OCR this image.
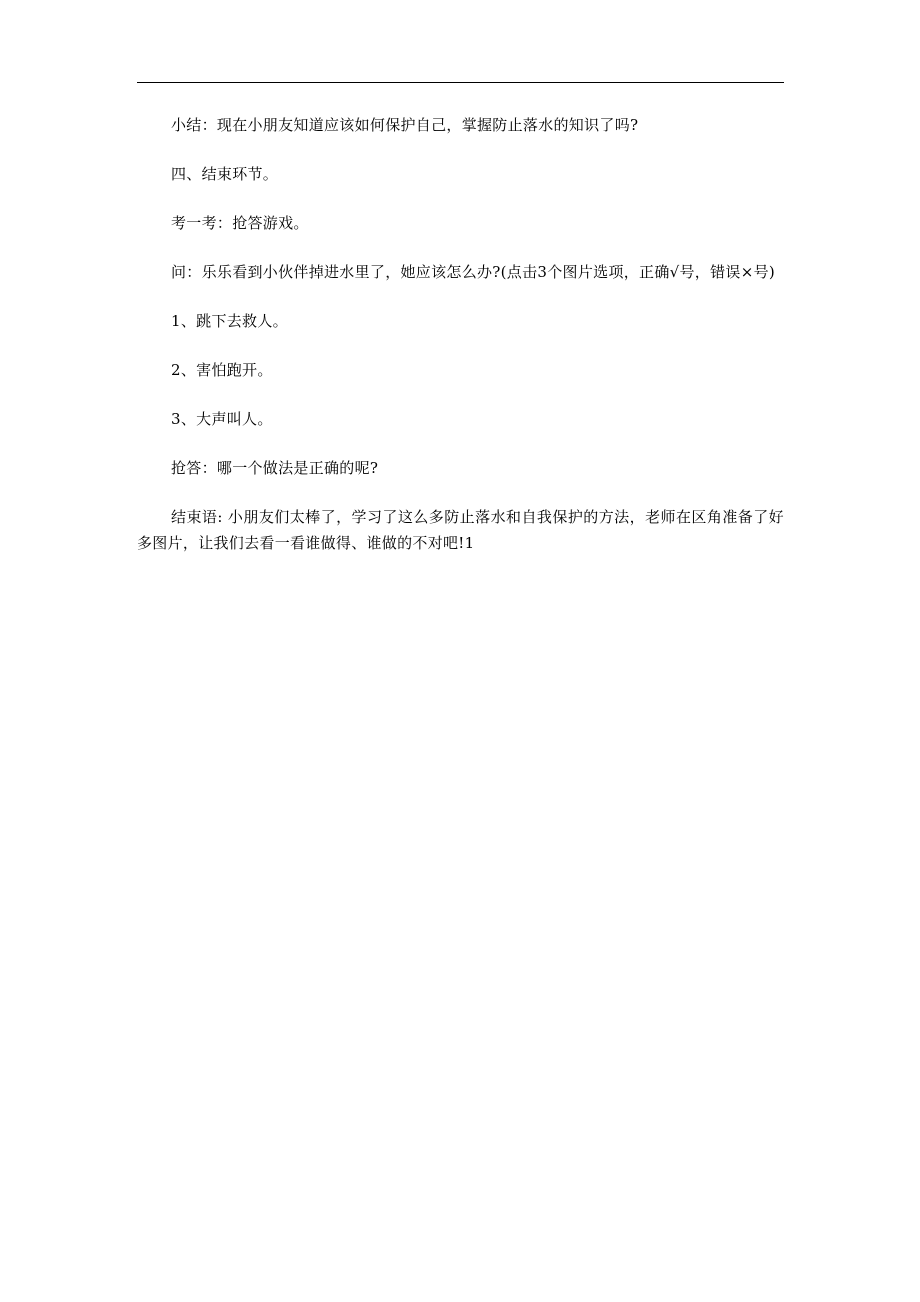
小结：现在小朋友知道应该如何保护自己，掌握防止落水的知识了吗?

四、结束环节。

考一考：抢答游戏。

问：乐乐看到小伙伴掉进水里了，她应该怎么办?(点击3个图片选项，正确√号，错误×号)

1、跳下去救人。

2、害怕跑开。

3、大声叫人。

抢答：哪一个做法是正确的呢?

结束语: 小朋友们太棒了，学习了这么多防止落水和自我保护的方法，老师在区角准备了好多图片，让我们去看一看谁做得、谁做的不对吧!1
